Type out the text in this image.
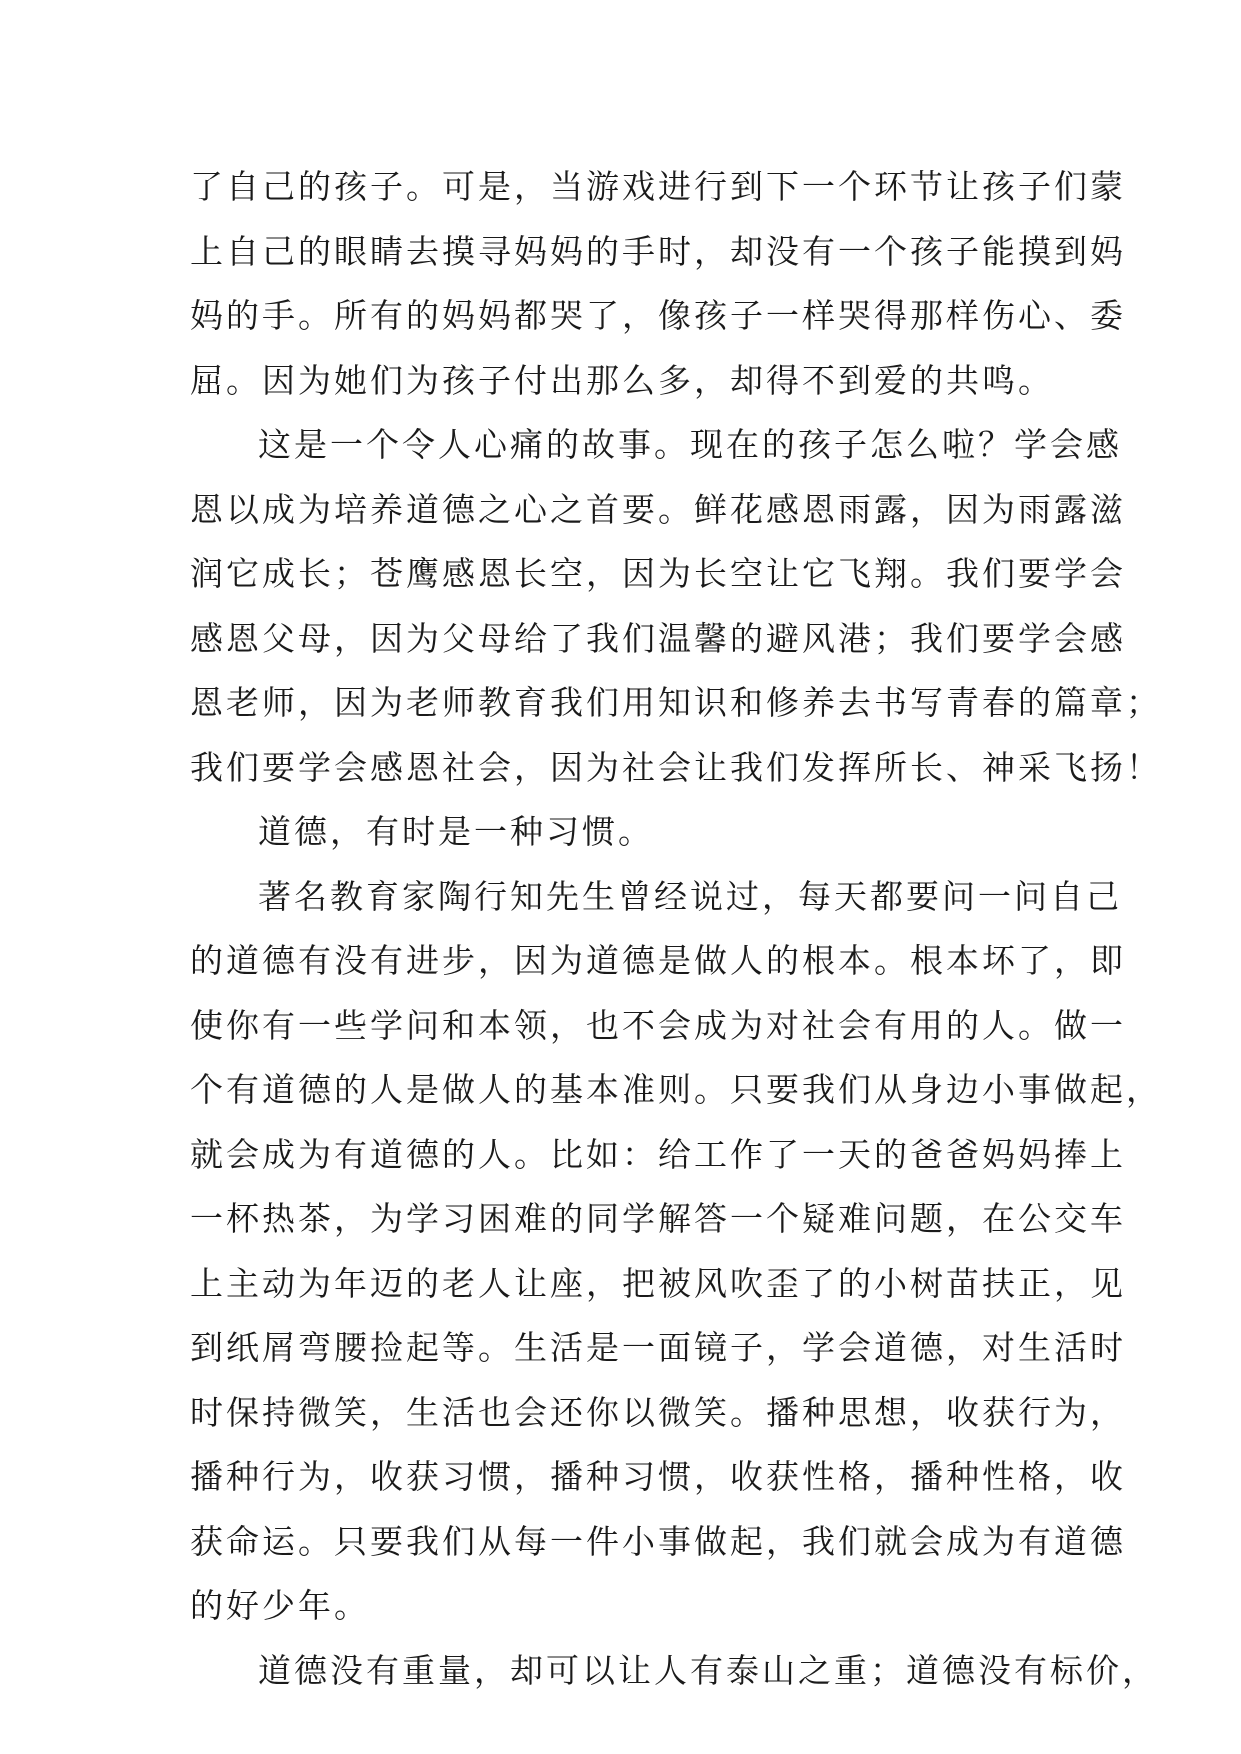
了自己的孩子。可是，当游戏进行到下一个环节让孩子们蒙
上自己的眼睛去摸寻妈妈的手时，却没有一个孩子能摸到妈
妈的手。所有的妈妈都哭了，像孩子一样哭得那样伤心、委
屈。因为她们为孩子付出那么多，却得不到爱的共鸣。
这是一个令人心痛的故事。现在的孩子怎么啦？学会感
恩以成为培养道德之心之首要。鲜花感恩雨露，因为雨露滋
润它成长；苍鹰感恩长空，因为长空让它飞翔。我们要学会
感恩父母，因为父母给了我们温馨的避风港；我们要学会感
恩老师，因为老师教育我们用知识和修养去书写青春的篇章；
我们要学会感恩社会，因为社会让我们发挥所长、神采飞扬！
道德，有时是一种习惯。
著名教育家陶行知先生曾经说过，每天都要问一问自己
的道德有没有进步，因为道德是做人的根本。根本坏了，即
使你有一些学问和本领，也不会成为对社会有用的人。做一
个有道德的人是做人的基本准则。只要我们从身边小事做起，
就会成为有道德的人。比如：给工作了一天的爸爸妈妈捧上
一杯热茶，为学习困难的同学解答一个疑难问题，在公交车
上主动为年迈的老人让座，把被风吹歪了的小树苗扶正，见
到纸屑弯腰捡起等。生活是一面镜子，学会道德，对生活时
时保持微笑，生活也会还你以微笑。播种思想，收获行为，
播种行为，收获习惯，播种习惯，收获性格，播种性格，收
获命运。只要我们从每一件小事做起，我们就会成为有道德
的好少年。
道德没有重量，却可以让人有泰山之重；道德没有标价，
